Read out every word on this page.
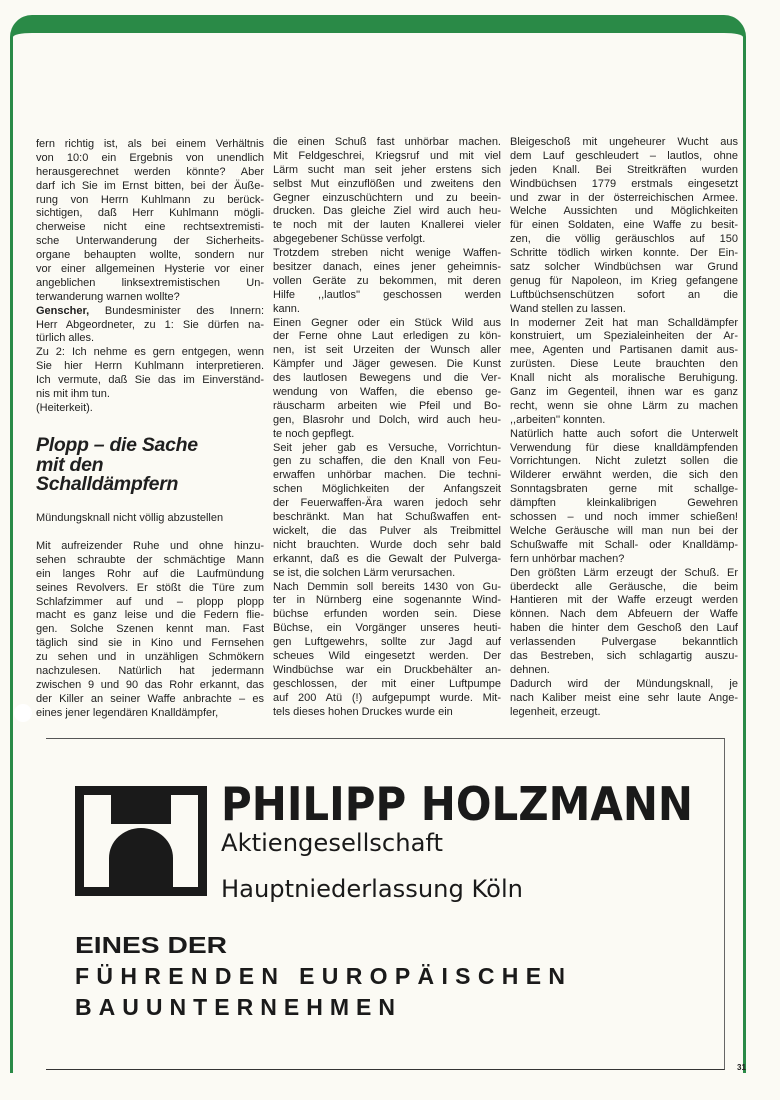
fern richtig ist, als bei einem Verhältnis
von 10:0 ein Ergebnis von unendlich
herausgerechnet werden könnte? Aber
darf ich Sie im Ernst bitten, bei der Äuße-
rung von Herrn Kuhlmann zu berück-
sichtigen, daß Herr Kuhlmann mögli-
cherweise nicht eine rechtsextremisti-
sche Unterwanderung der Sicherheits-
organe behaupten wollte, sondern nur
vor einer allgemeinen Hysterie vor einer
angeblichen linksextremistischen Un-
terwanderung warnen wollte?
Genscher, Bundesminister des Innern:
Herr Abgeordneter, zu 1: Sie dürfen na-
türlich alles.
Zu 2: Ich nehme es gern entgegen, wenn
Sie hier Herrn Kuhlmann interpretieren.
Ich vermute, daß Sie das im Einverständ-
nis mit ihm tun.
(Heiterkeit).
Plopp – die Sache
mit den
Schalldämpfern
Mündungsknall nicht völlig abzustellen
Mit aufreizender Ruhe und ohne hinzu-
sehen schraubte der schmächtige Mann
ein langes Rohr auf die Laufmündung
seines Revolvers. Er stößt die Türe zum
Schlafzimmer auf und – plopp plopp
macht es ganz leise und die Federn flie-
gen. Solche Szenen kennt man. Fast
täglich sind sie in Kino und Fernsehen
zu sehen und in unzähligen Schmökern
nachzulesen. Natürlich hat jedermann
zwischen 9 und 90 das Rohr erkannt, das
der Killer an seiner Waffe anbrachte – es
eines jener legendären Knalldämpfer,
die einen Schuß fast unhörbar machen.
Mit Feldgeschrei, Kriegsruf und mit viel
Lärm sucht man seit jeher erstens sich
selbst Mut einzuflößen und zweitens den
Gegner einzuschüchtern und zu beein-
drucken. Das gleiche Ziel wird auch heu-
te noch mit der lauten Knallerei vieler
abgegebener Schüsse verfolgt.
Trotzdem streben nicht wenige Waffen-
besitzer danach, eines jener geheimnis-
vollen Geräte zu bekommen, mit deren
Hilfe ,,lautlos'' geschossen werden
kann.
Einen Gegner oder ein Stück Wild aus
der Ferne ohne Laut erledigen zu kön-
nen, ist seit Urzeiten der Wunsch aller
Kämpfer und Jäger gewesen. Die Kunst
des lautlosen Bewegens und die Ver-
wendung von Waffen, die ebenso ge-
räuscharm arbeiten wie Pfeil und Bo-
gen, Blasrohr und Dolch, wird auch heu-
te noch gepflegt.
Seit jeher gab es Versuche, Vorrichtun-
gen zu schaffen, die den Knall von Feu-
erwaffen unhörbar machen. Die techni-
schen Möglichkeiten der Anfangszeit
der Feuerwaffen-Ära waren jedoch sehr
beschränkt. Man hat Schußwaffen ent-
wickelt, die das Pulver als Treibmittel
nicht brauchten. Wurde doch sehr bald
erkannt, daß es die Gewalt der Pulverga-
se ist, die solchen Lärm verursachen.
Nach Demmin soll bereits 1430 von Gu-
ter in Nürnberg eine sogenannte Wind-
büchse erfunden worden sein. Diese
Büchse, ein Vorgänger unseres heuti-
gen Luftgewehrs, sollte zur Jagd auf
scheues Wild eingesetzt werden. Der
Windbüchse war ein Druckbehälter an-
geschlossen, der mit einer Luftpumpe
auf 200 Atü (!) aufgepumpt wurde. Mit-
tels dieses hohen Druckes wurde ein
Bleigeschoß mit ungeheurer Wucht aus
dem Lauf geschleudert – lautlos, ohne
jeden Knall. Bei Streitkräften wurden
Windbüchsen 1779 erstmals eingesetzt
und zwar in der österreichischen Armee.
Welche Aussichten und Möglichkeiten
für einen Soldaten, eine Waffe zu besit-
zen, die völlig geräuschlos auf 150
Schritte tödlich wirken konnte. Der Ein-
satz solcher Windbüchsen war Grund
genug für Napoleon, im Krieg gefangene
Luftbüchsenschützen sofort an die
Wand stellen zu lassen.
In moderner Zeit hat man Schalldämpfer
konstruiert, um Spezialeinheiten der Ar-
mee, Agenten und Partisanen damit aus-
zurüsten. Diese Leute brauchten den
Knall nicht als moralische Beruhigung.
Ganz im Gegenteil, ihnen war es ganz
recht, wenn sie ohne Lärm zu machen
,,arbeiten'' konnten.
Natürlich hatte auch sofort die Unterwelt
Verwendung für diese knalldämpfenden
Vorrichtungen. Nicht zuletzt sollen die
Wilderer erwähnt werden, die sich den
Sonntagsbraten gerne mit schallge-
dämpften kleinkalibrigen Gewehren
schossen – und noch immer schießen!
Welche Geräusche will man nun bei der
Schußwaffe mit Schall- oder Knalldämp-
fern unhörbar machen?
Den größten Lärm erzeugt der Schuß. Er
überdeckt alle Geräusche, die beim
Hantieren mit der Waffe erzeugt werden
können. Nach dem Abfeuern der Waffe
haben die hinter dem Geschoß den Lauf
verlassenden Pulvergase bekanntlich
das Bestreben, sich schlagartig auszu-
dehnen.
Dadurch wird der Mündungsknall, je
nach Kaliber meist eine sehr laute Ange-
legenheit, erzeugt.
PHILIPP HOLZMANN
Aktiengesellschaft
Hauptniederlassung Köln
EINES DER
FÜHRENDEN EUROPÄISCHEN
BAUUNTERNEHMEN
31
